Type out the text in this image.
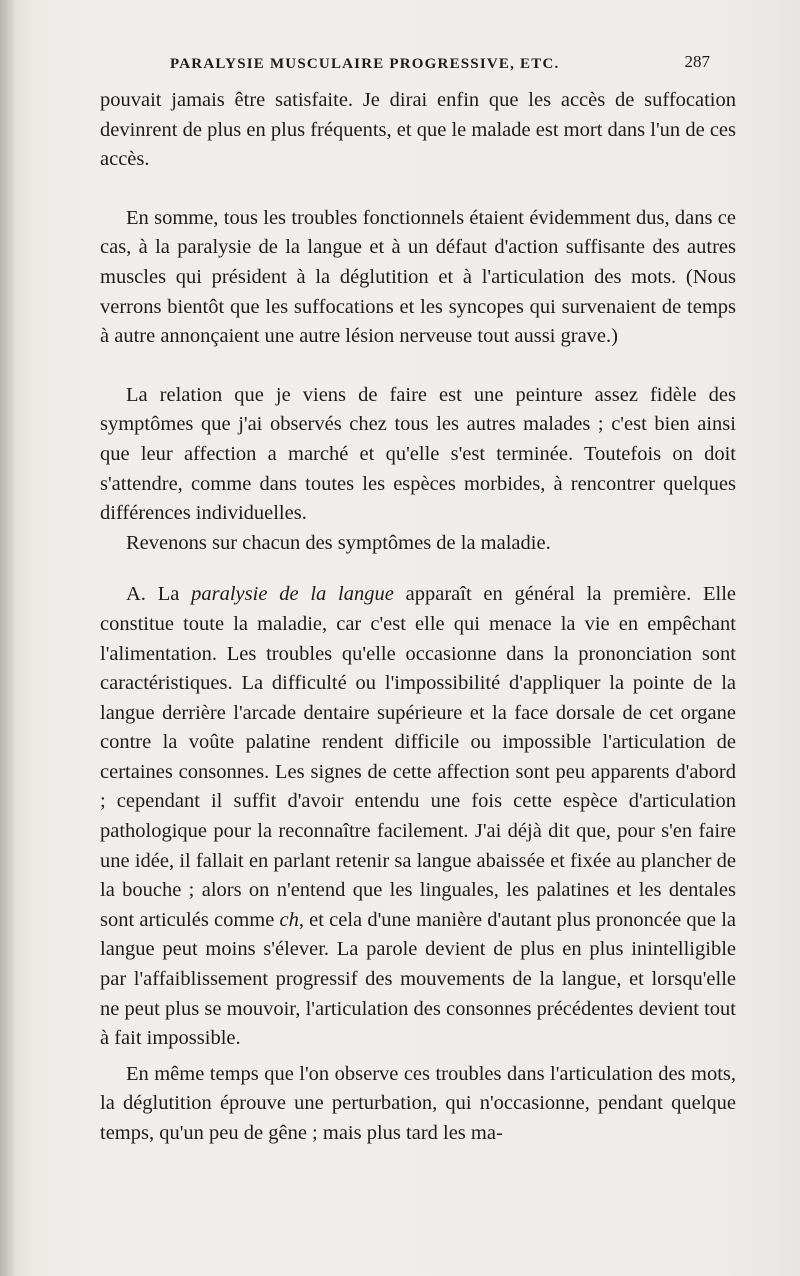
PARALYSIE MUSCULAIRE PROGRESSIVE, ETC.	287

pouvait jamais être satisfaite. Je dirai enfin que les accès de suffocation devinrent de plus en plus fréquents, et que le malade est mort dans l'un de ces accès.

En somme, tous les troubles fonctionnels étaient évidemment dus, dans ce cas, à la paralysie de la langue et à un défaut d'action suffisante des autres muscles qui président à la déglutition et à l'articulation des mots. (Nous verrons bientôt que les suffocations et les syncopes qui survenaient de temps à autre annonçaient une autre lésion nerveuse tout aussi grave.)

La relation que je viens de faire est une peinture assez fidèle des symptômes que j'ai observés chez tous les autres malades ; c'est bien ainsi que leur affection a marché et qu'elle s'est terminée. Toutefois on doit s'attendre, comme dans toutes les espèces morbides, à rencontrer quelques différences individuelles.

Revenons sur chacun des symptômes de la maladie.

A. La paralysie de la langue apparaît en général la première. Elle constitue toute la maladie, car c'est elle qui menace la vie en empêchant l'alimentation. Les troubles qu'elle occasionne dans la prononciation sont caractéristiques. La difficulté ou l'impossibilité d'appliquer la pointe de la langue derrière l'arcade dentaire supérieure et la face dorsale de cet organe contre la voûte palatine rendent difficile ou impossible l'articulation de certaines consonnes. Les signes de cette affection sont peu apparents d'abord ; cependant il suffit d'avoir entendu une fois cette espèce d'articulation pathologique pour la reconnaître facilement. J'ai déjà dit que, pour s'en faire une idée, il fallait en parlant retenir sa langue abaissée et fixée au plancher de la bouche ; alors on n'entend que les linguales, les palatines et les dentales sont articulés comme ch, et cela d'une manière d'autant plus prononcée que la langue peut moins s'élever. La parole devient de plus en plus inintelligible par l'affaiblissement progressif des mouvements de la langue, et lorsqu'elle ne peut plus se mouvoir, l'articulation des consonnes précédentes devient tout à fait impossible.

En même temps que l'on observe ces troubles dans l'articulation des mots, la déglutition éprouve une perturbation, qui n'occasionne, pendant quelque temps, qu'un peu de gêne ; mais plus tard les ma-
